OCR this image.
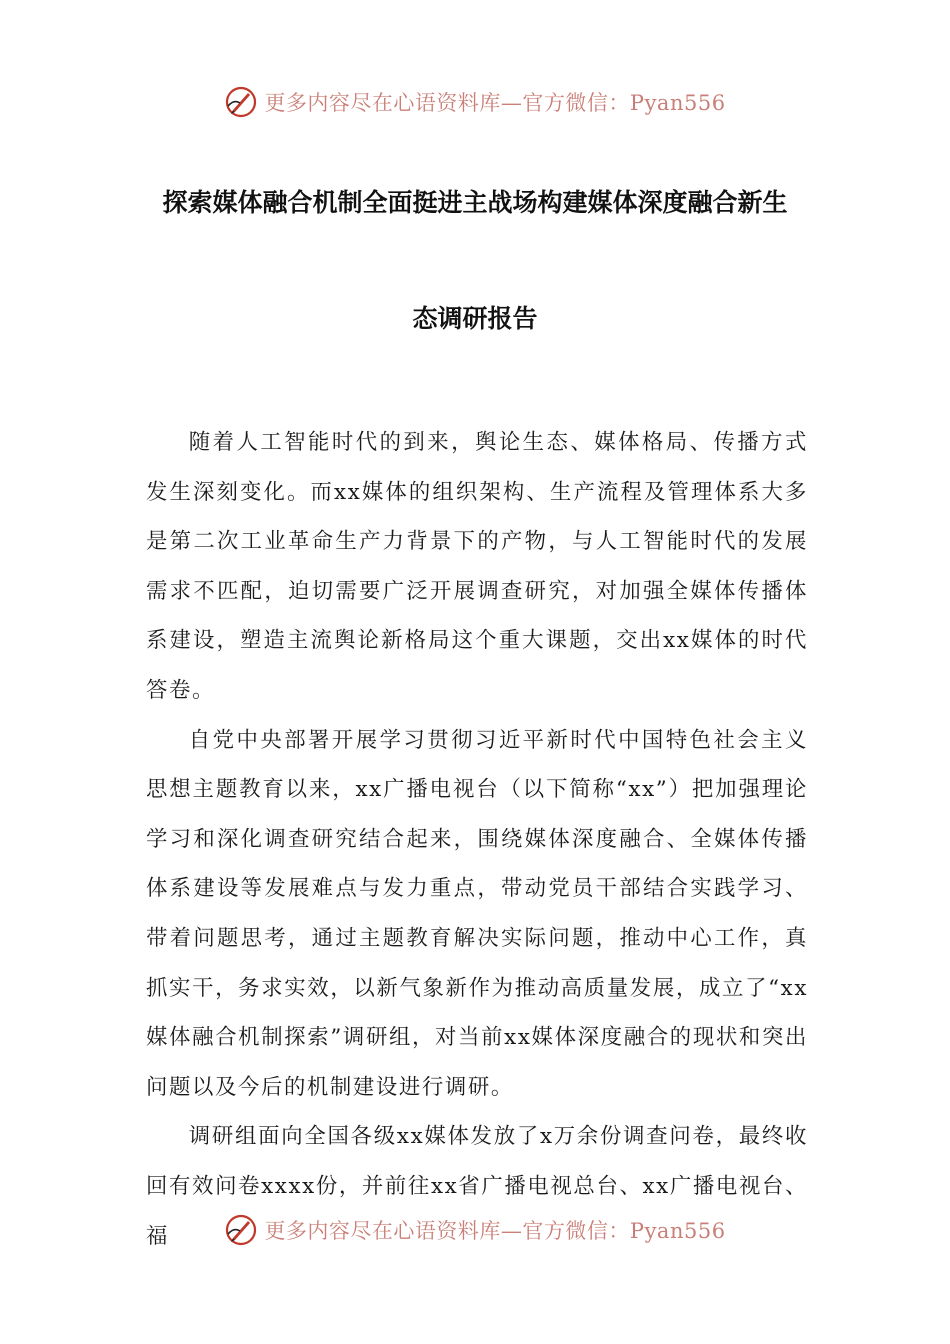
更多内容尽在心语资料库—官方微信：Pyan556
探索媒体融合机制全面挺进主战场构建媒体深度融合新生
态调研报告

随着人工智能时代的到来，舆论生态、媒体格局、传播方式发生深刻变化。而xx媒体的组织架构、生产流程及管理体系大多是第二次工业革命生产力背景下的产物，与人工智能时代的发展需求不匹配，迫切需要广泛开展调查研究，对加强全媒体传播体系建设，塑造主流舆论新格局这个重大课题，交出xx媒体的时代答卷。

自党中央部署开展学习贯彻习近平新时代中国特色社会主义思想主题教育以来，xx广播电视台（以下简称“xx”）把加强理论学习和深化调查研究结合起来，围绕媒体深度融合、全媒体传播体系建设等发展难点与发力重点，带动党员干部结合实践学习、带着问题思考，通过主题教育解决实际问题，推动中心工作，真抓实干，务求实效，以新气象新作为推动高质量发展，成立了“xx媒体融合机制探索”调研组，对当前xx媒体深度融合的现状和突出问题以及今后的机制建设进行调研。

调研组面向全国各级xx媒体发放了x万余份调查问卷，最终收回有效问卷xxxx份，并前往xx省广播电视总台、xx广播电视台、福	更多内容尽在心语资料库—官方微信：Pyan556
